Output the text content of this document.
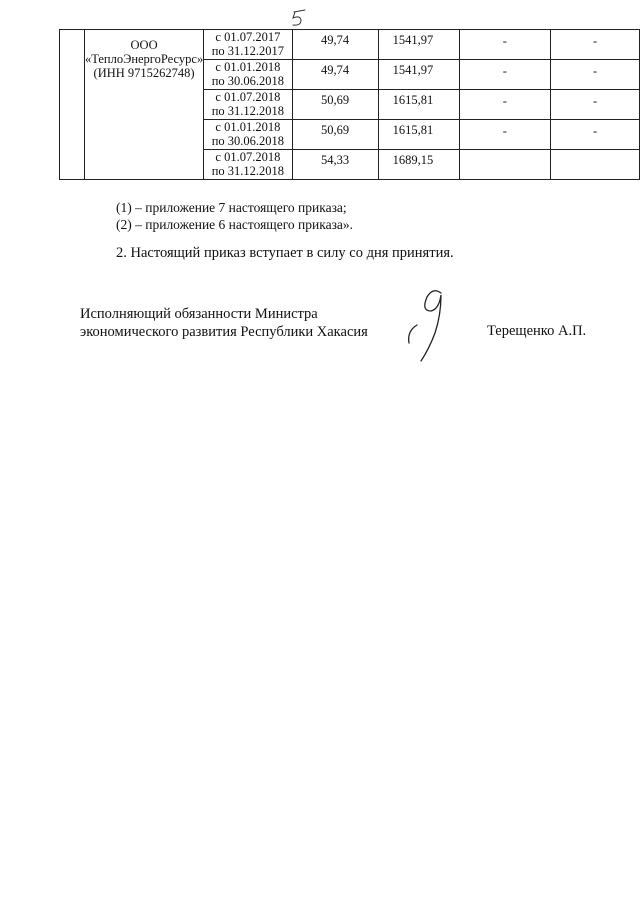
	ООО
«ТеплоЭнергоРесурс»
(ИНН 9715262748)	с 01.07.2017
по 31.12.2017	49,74	1541,97	-	-

		с 01.01.2018
по 30.06.2018	49,74	1541,97	-	-

		с 01.07.2018
по 31.12.2018	50,69	1615,81	-	-

		с 01.01.2018
по 30.06.2018	50,69	1615,81	-	-

		с 01.07.2018
по 31.12.2018	54,33	1689,15		
(1) – приложение 7 настоящего приказа;
(2) – приложение 6 настоящего приказа».
2. Настоящий приказ вступает в силу со дня принятия.
Исполняющий обязанности Министра
экономического развития Республики Хакасия	Терещенко А.П.
